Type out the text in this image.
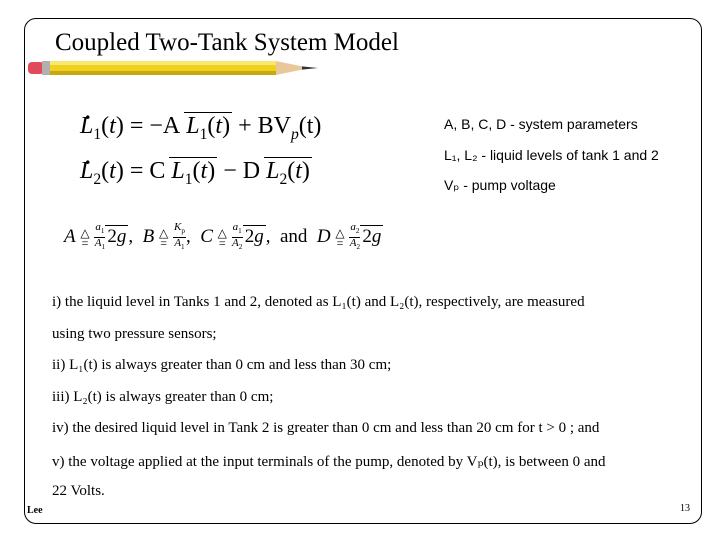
Coupled Two-Tank System Model
. $L_1(t) = -A$ $L_1(t) + BV_p(t)$
. $L_2(t) = C$ $L_1(t) - D$ $L_2(t)$
A, B, C, D - system parameters
L₁, L₂ - liquid levels of tank 1 and 2
Vₚ - pump voltage
A △
= $\frac{a_1}{A_1} 2g$ ,  B △
= $\frac{K_p}{A_1}$ ,  C △
= $\frac{a_1}{A_2} 2g$ ,  and D △
= $\frac{a_2}{A_2} 2g$
i) the liquid level in Tanks 1 and 2, denoted as L₁(t) and L₂(t), respectively, are measured
using two pressure sensors;
ii) L₁(t) is always greater than 0 cm and less than 30 cm;
iii) L₂(t) is always greater than 0 cm;
iv) the desired liquid level in Tank 2 is greater than 0 cm and less than 20 cm for t > 0 ; and
v) the voltage applied at the input terminals of the pump, denoted by Vₚ(t), is between 0 and
22 Volts.
Lee	13
